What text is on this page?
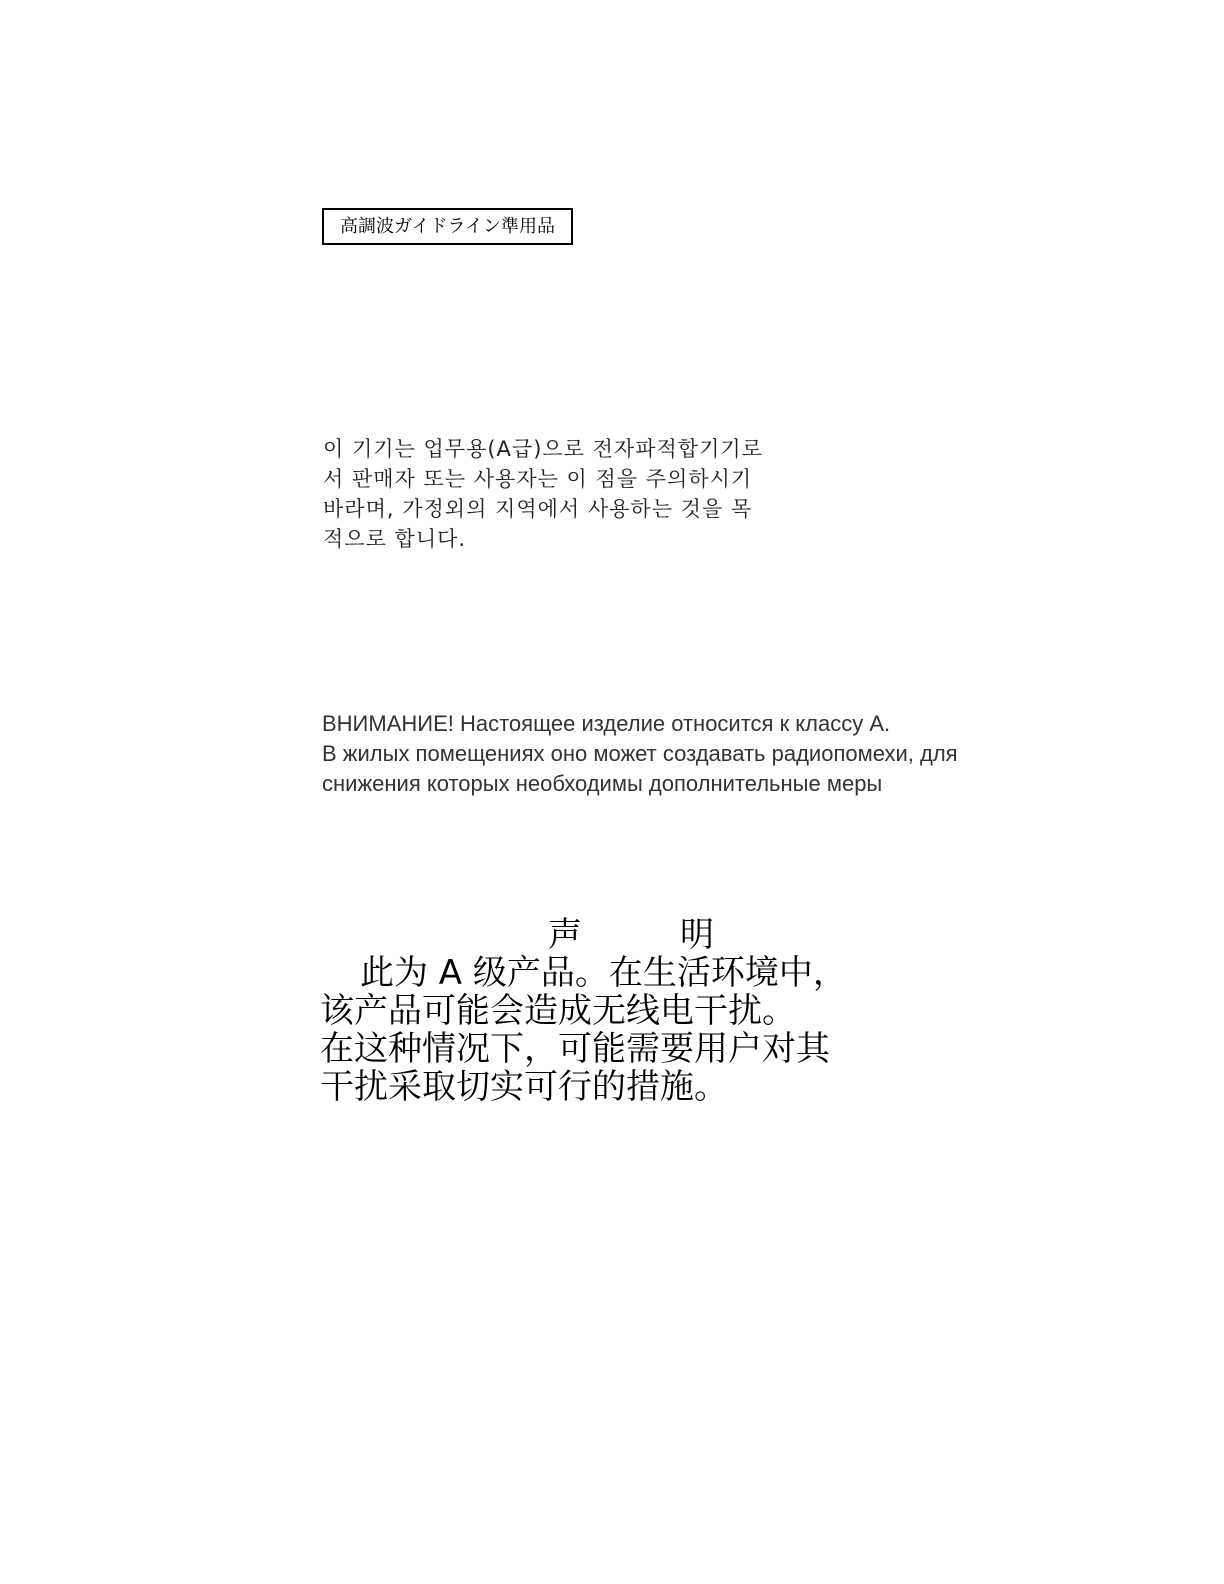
高調波ガイドライン準用品
이 기기는 업무용(A급)으로 전자파적합기기로
서 판매자 또는 사용자는 이 점을 주의하시기
바라며, 가정외의 지역에서 사용하는 것을 목
적으로 합니다.
ВНИМАНИЕ! Настоящее изделие относится к классу А.
В жилых помещениях оно может создавать радиопомехи, для
снижения которых необходимы дополнительные меры
声	明
此为 A 级产品。在生活环境中，
该产品可能会造成无线电干扰。
在这种情况下，可能需要用户对其
干扰采取切实可行的措施。
